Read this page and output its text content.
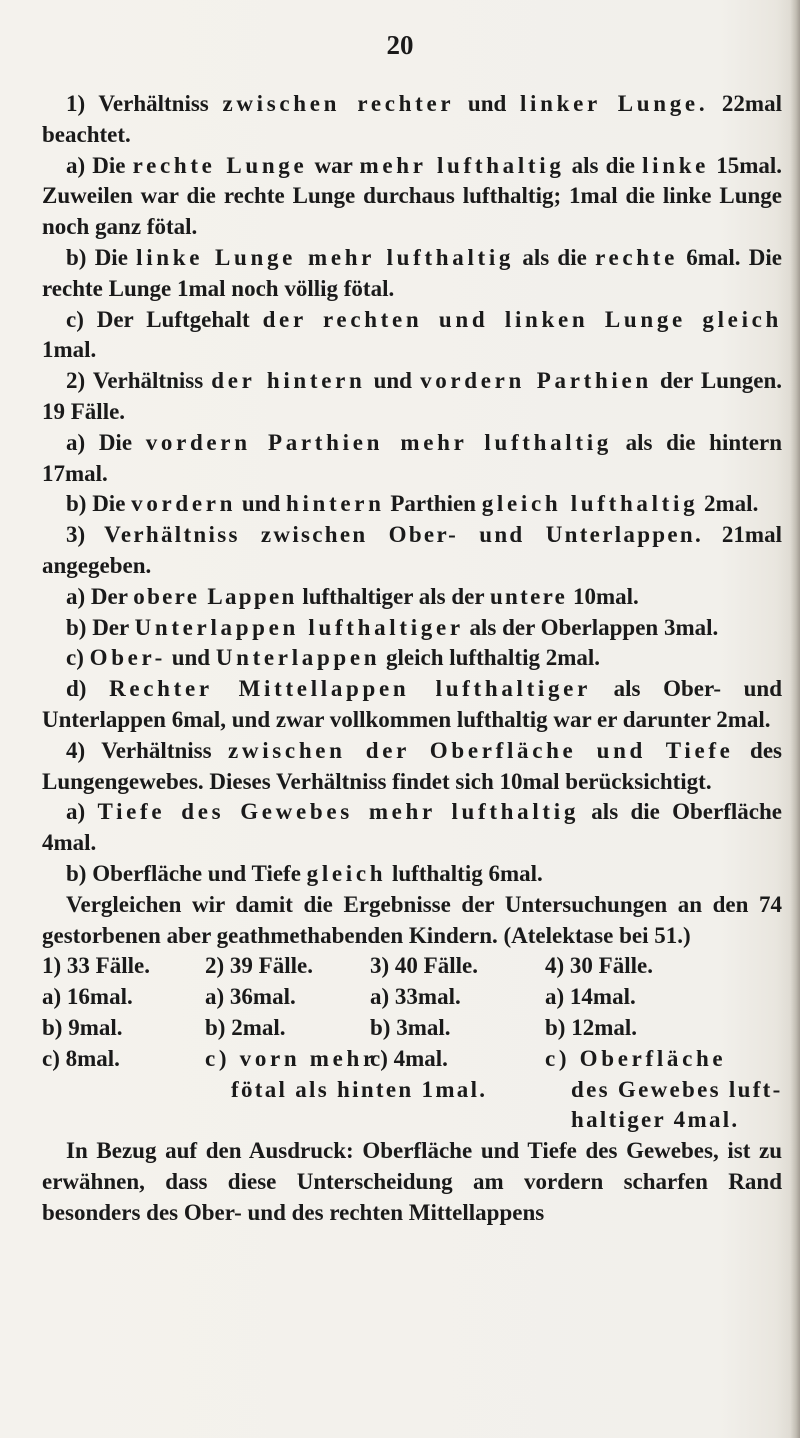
20

1) Verhältniss zwischen rechter und linker Lunge. 22mal beachtet.

a) Die rechte Lunge war mehr lufthaltig als die linke 15mal. Zuweilen war die rechte Lunge durchaus lufthaltig; 1mal die linke Lunge noch ganz fötal.

b) Die linke Lunge mehr lufthaltig als die rechte 6mal. Die rechte Lunge 1mal noch völlig fötal.

c) Der Luftgehalt der rechten und linken Lunge gleich 1mal.

2) Verhältniss der hintern und vordern Parthien der Lungen. 19 Fälle.

a) Die vordern Parthien mehr lufthaltig als die hintern 17mal.

b) Die vordern und hintern Parthien gleich lufthaltig 2mal.

3) Verhältniss zwischen Ober- und Unterlappen. 21mal angegeben.

a) Der obere Lappen lufthaltiger als der untere 10mal.

b) Der Unterlappen lufthaltiger als der Oberlappen 3mal.

c) Ober- und Unterlappen gleich lufthaltig 2mal.

d) Rechter Mittellappen lufthaltiger als Ober- und Unterlappen 6mal, und zwar vollkommen lufthaltig war er darunter 2mal.

4) Verhältniss zwischen der Oberfläche und Tiefe des Lungengewebes. Dieses Verhältniss findet sich 10mal berücksichtigt.

a) Tiefe des Gewebes mehr lufthaltig als die Oberfläche 4mal.

b) Oberfläche und Tiefe gleich lufthaltig 6mal.

Vergleichen wir damit die Ergebnisse der Untersuchungen an den 74 gestorbenen aber geathmethabenden Kindern. (Atelektase bei 51.)

1) 33 Fälle.
a) 16mal.
b) 9mal.
c) 8mal.
2) 39 Fälle.
a) 36mal.
b) 2mal.
c) vorn mehr
fötal als hinten 1mal.
3) 40 Fälle.
a) 33mal.
b) 3mal.
c) 4mal.
4) 30 Fälle.
a) 14mal.
b) 12mal.
c) Oberfläche
des Gewebes luft-
haltiger 4mal.

In Bezug auf den Ausdruck: Oberfläche und Tiefe des Gewebes, ist zu erwähnen, dass diese Unterscheidung am vordern scharfen Rand besonders des Ober- und des rechten Mittellappens
